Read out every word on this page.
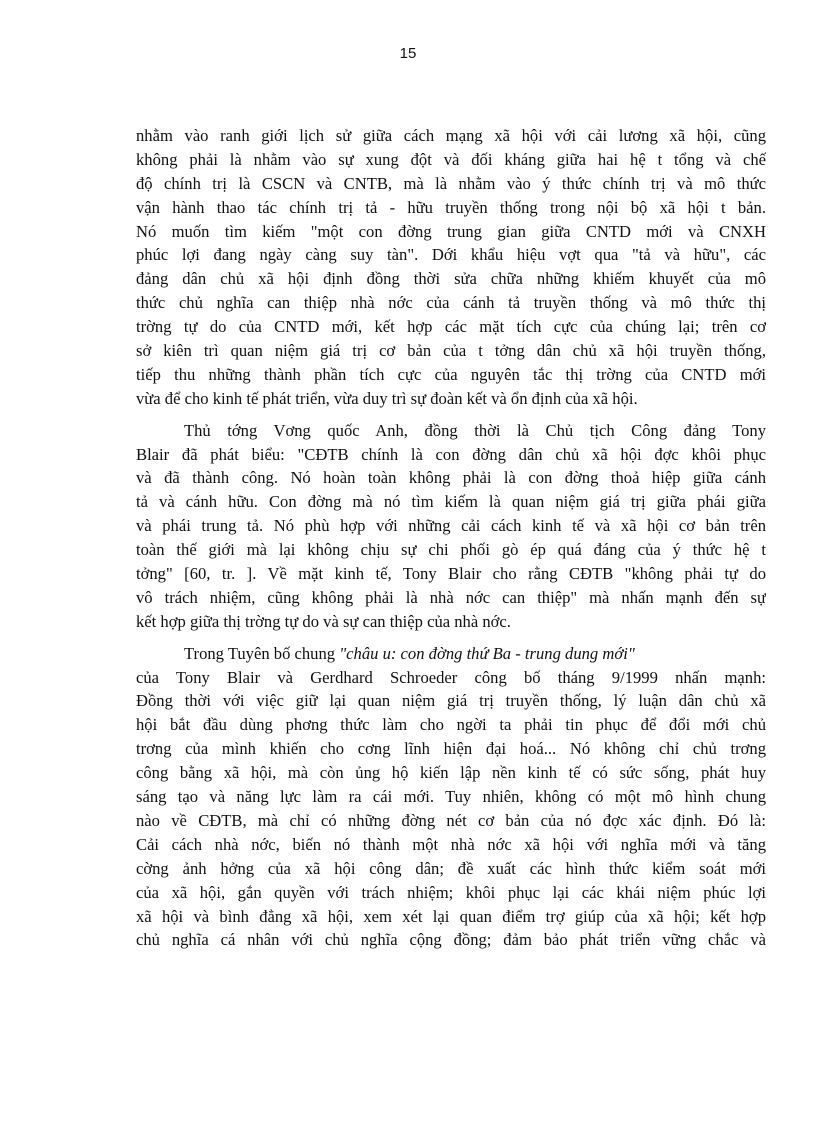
15
nhằm vào ranh giới lịch sử giữa cách mạng xã hội với cải lương xã hội, cũng
không phải là nhằm vào sự xung đột và đối kháng giữa hai hệ t tổng và chế
độ chính trị là CSCN và CNTB, mà là nhằm vào ý thức chính trị và mô thức
vận hành thao tác chính trị tả - hữu truyền thống trong nội bộ xã hội t bản.
Nó muốn tìm kiếm "một con đờng trung gian giữa CNTD mới và CNXH
phúc lợi đang ngày càng suy tàn". Dới khẩu hiệu vợt qua "tả và hữu", các
đảng dân chủ xã hội định đồng thời sửa chữa những khiếm khuyết của mô
thức chủ nghĩa can thiệp nhà nớc của cánh tả truyền thống và mô thức thị
trờng tự do của CNTD mới, kết hợp các mặt tích cực của chúng lại; trên cơ
sở kiên trì quan niệm giá trị cơ bản của t tởng dân chủ xã hội truyền thống,
tiếp thu những thành phần tích cực của nguyên tắc thị trờng của CNTD mới
vừa để cho kinh tế phát triển, vừa duy trì sự đoàn kết và ổn định của xã hội.
Thủ tớng Vơng quốc Anh, đồng thời là Chủ tịch Công đảng Tony
Blair đã phát biểu: "CĐTB chính là con đờng dân chủ xã hội đợc khôi phục
và đã thành công. Nó hoàn toàn không phải là con đờng thoả hiệp giữa cánh
tả và cánh hữu. Con đờng mà nó tìm kiếm là quan niệm giá trị giữa phái giữa
và phái trung tả. Nó phù hợp với những cải cách kinh tế và xã hội cơ bản trên
toàn thế giới mà lại không chịu sự chi phối gò ép quá đáng của ý thức hệ t
tởng" [60, tr. ]. Về mặt kinh tế, Tony Blair cho rằng CĐTB "không phải tự do
vô trách nhiệm, cũng không phải là nhà nớc can thiệp" mà nhấn mạnh đến sự
kết hợp giữa thị trờng tự do và sự can thiệp của nhà nớc.
Trong Tuyên bố chung "châu u: con đờng thứ Ba - trung dung mới"
của Tony Blair và Gerdhard Schroeder công bố tháng 9/1999 nhấn mạnh:
Đồng thời với việc giữ lại quan niệm giá trị truyền thống, lý luận dân chủ xã
hội bắt đầu dùng phơng thức làm cho ngời ta phải tin phục để đổi mới chủ
trơng của mình khiến cho cơng lĩnh hiện đại hoá... Nó không chỉ chủ trơng
công bằng xã hội, mà còn ủng hộ kiến lập nền kinh tế có sức sống, phát huy
sáng tạo và năng lực làm ra cái mới. Tuy nhiên, không có một mô hình chung
nào về CĐTB, mà chỉ có những đờng nét cơ bản của nó đợc xác định. Đó là:
Cải cách nhà nớc, biến nó thành một nhà nớc xã hội với nghĩa mới và tăng
cờng ảnh hởng của xã hội công dân; đề xuất các hình thức kiểm soát mới
của xã hội, gắn quyền với trách nhiệm; khôi phục lại các khái niệm phúc lợi
xã hội và bình đẳng xã hội, xem xét lại quan điểm trợ giúp của xã hội; kết hợp
chủ nghĩa cá nhân với chủ nghĩa cộng đồng; đảm bảo phát triển vững chắc và
